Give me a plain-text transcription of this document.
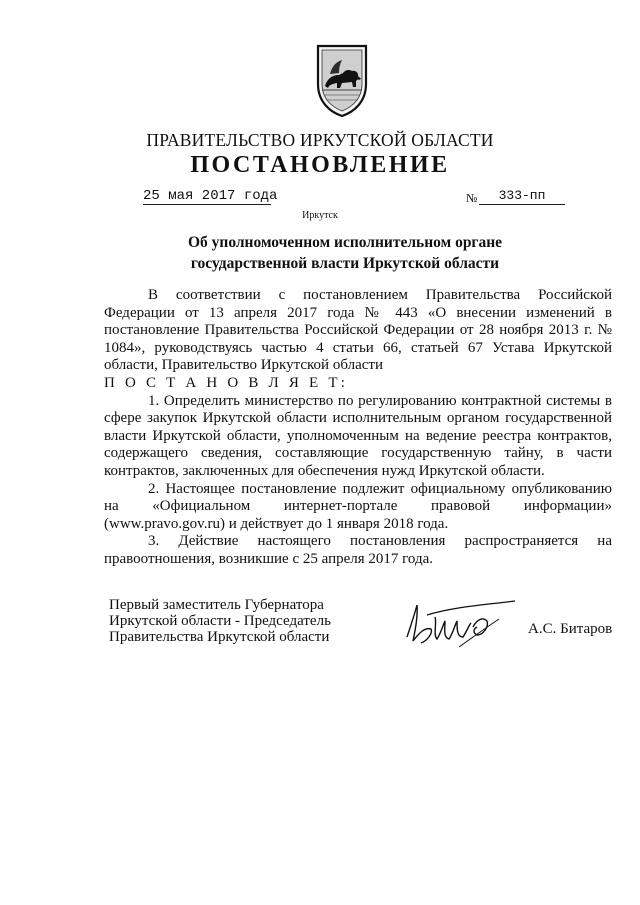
ПРАВИТЕЛЬСТВО ИРКУТСКОЙ ОБЛАСТИ
ПОСТАНОВЛЕНИЕ
25 мая 2017 года	№	333-пп
Иркутск
Об уполномоченном исполнительном органе государственной власти Иркутской области

В соответствии с постановлением Правительства Российской Федерации от 13 апреля 2017 года № 443 «О внесении изменений в постановление Правительства Российской Федерации от 28 ноября 2013 г. № 1084», руководствуясь частью 4 статьи 66, статьей 67 Устава Иркутской области, Правительство Иркутской области

П О С Т А Н О В Л Я Е Т:

1. Определить министерство по регулированию контрактной системы в сфере закупок Иркутской области исполнительным органом государственной власти Иркутской области, уполномоченным на ведение реестра контрактов, содержащего сведения, составляющие государственную тайну, в части контрактов, заключенных для обеспечения нужд Иркутской области.

2. Настоящее постановление подлежит официальному опубликованию на «Официальном интернет-портале правовой информации» (www.pravo.gov.ru) и действует до 1 января 2018 года.

3. Действие настоящего постановления распространяется на правоотношения, возникшие с 25 апреля 2017 года.

Первый заместитель Губернатора
Иркутской области - Председатель
Правительства Иркутской области	А.С. Битаров
